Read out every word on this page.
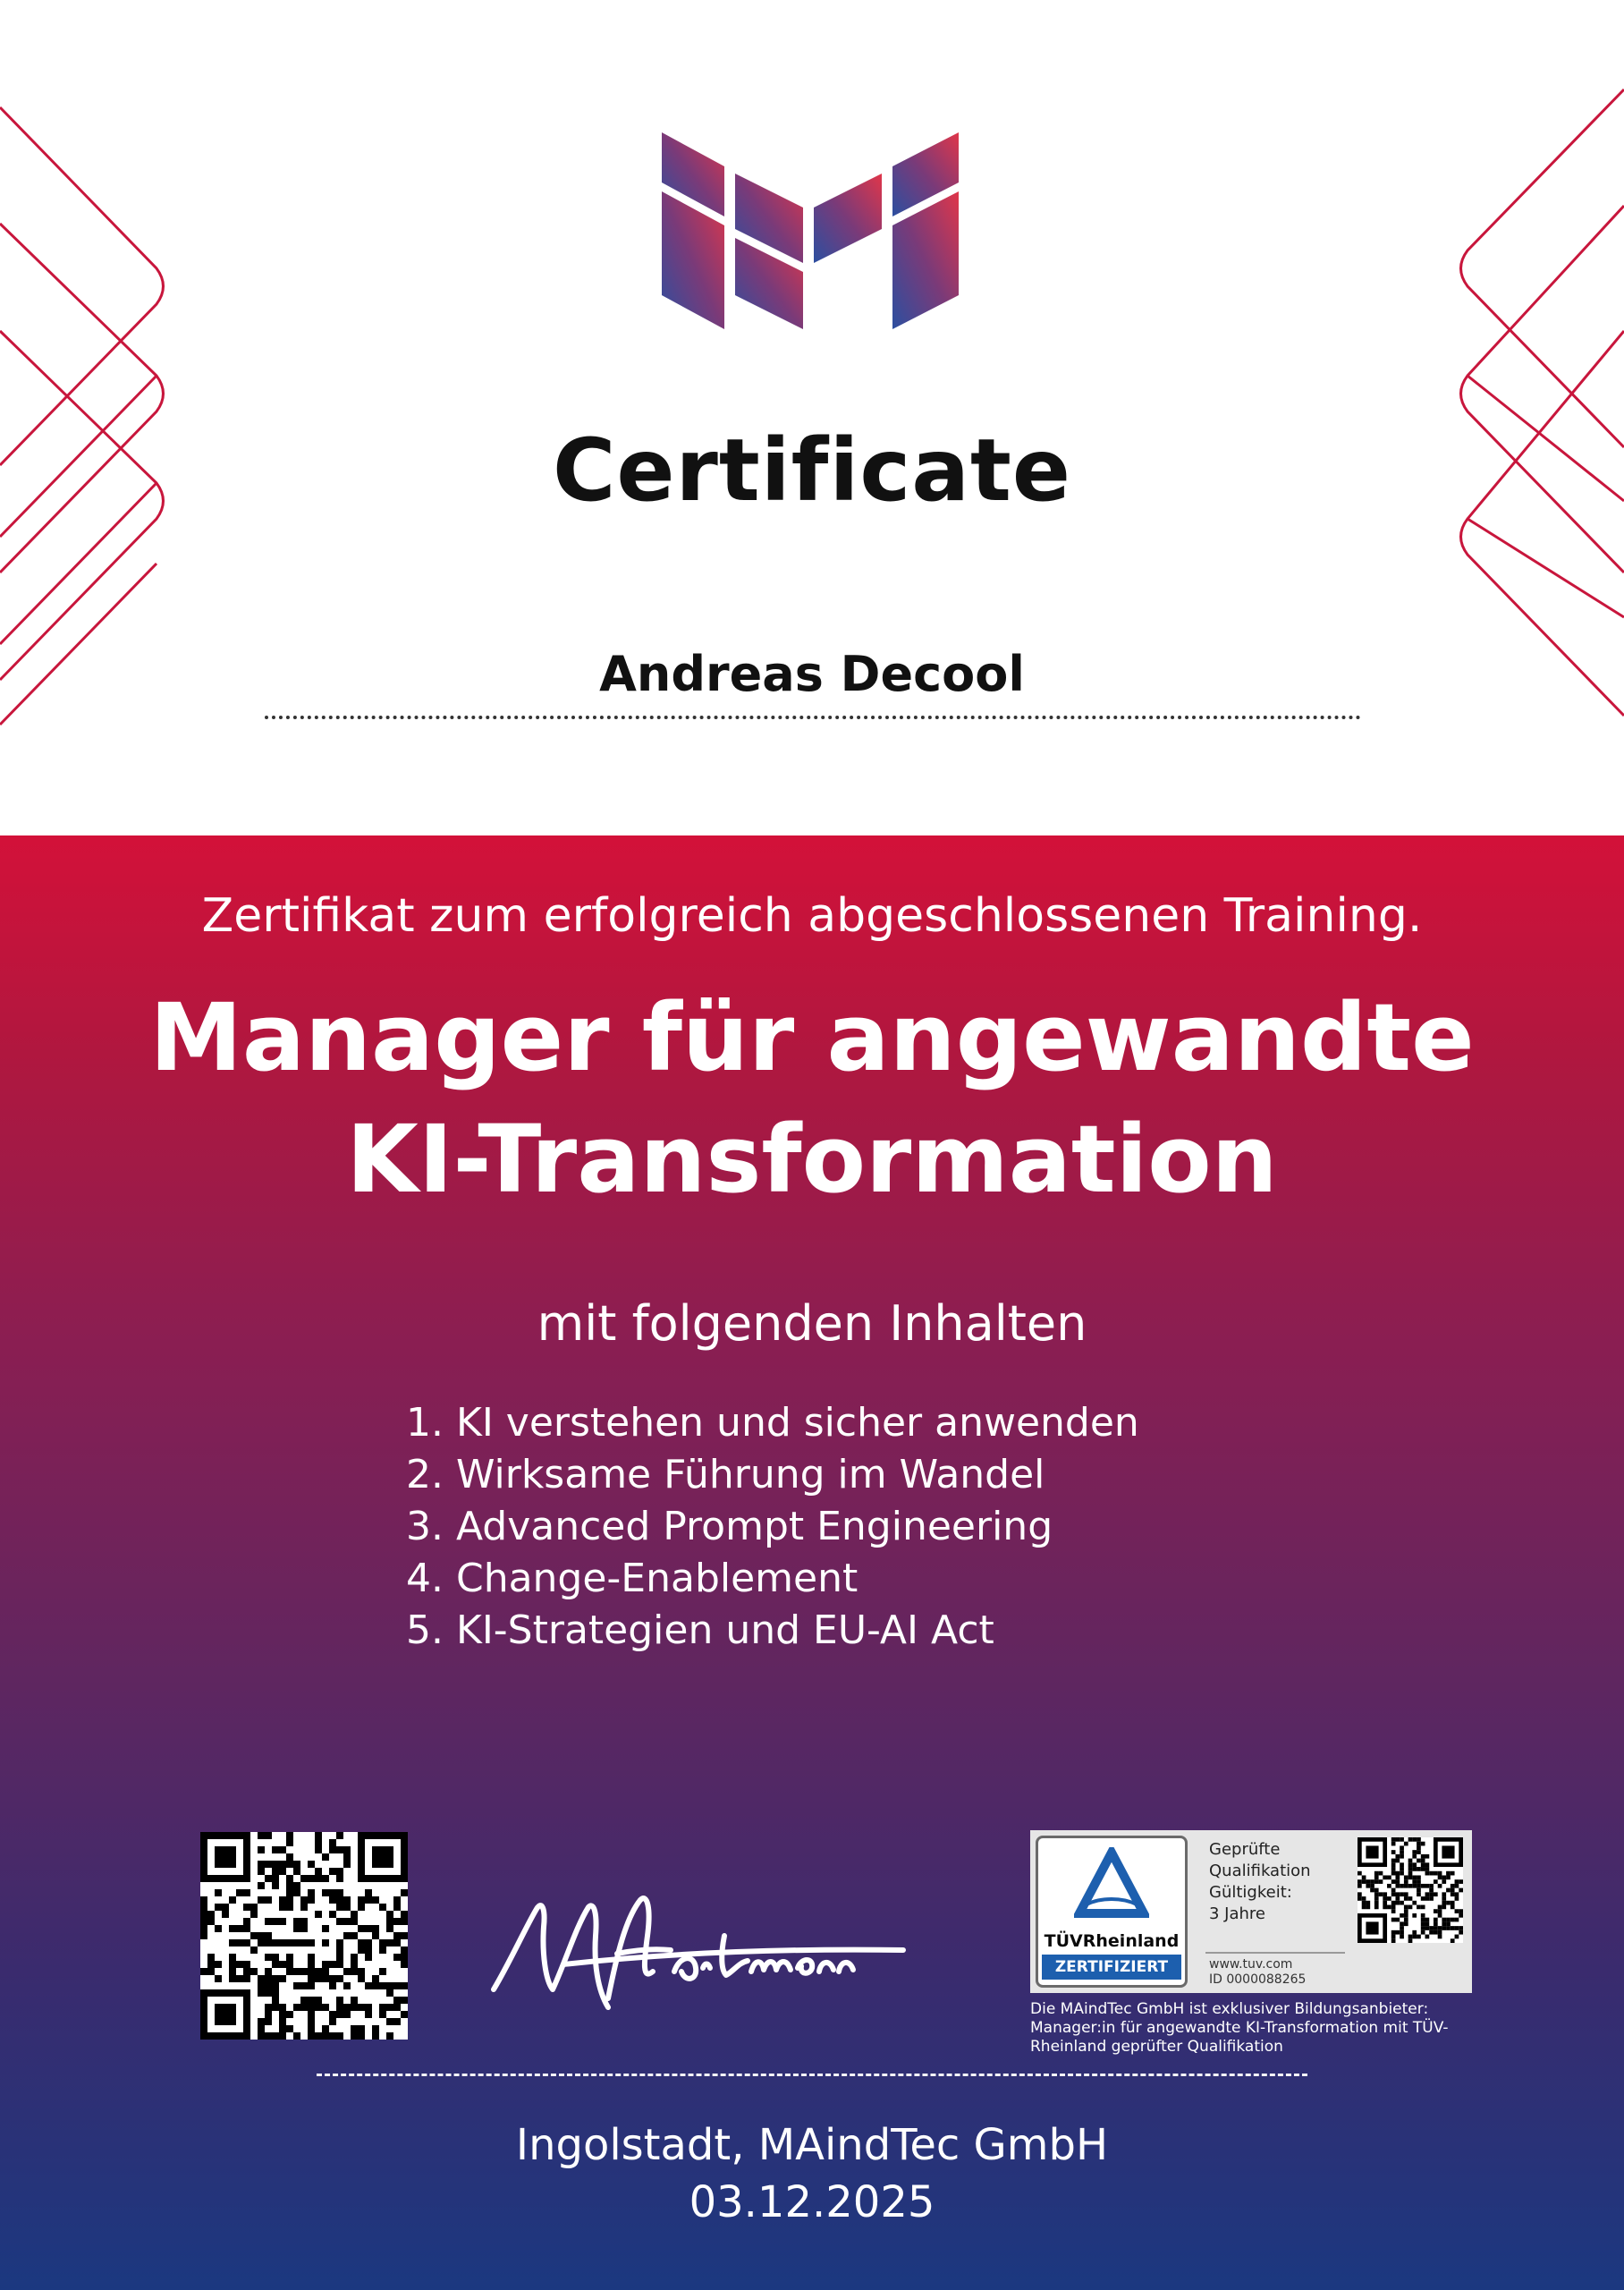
Certificate
Andreas Decool
Zertifikat zum erfolgreich abgeschlossenen Training.
Manager für angewandte
KI-Transformation
mit folgenden Inhalten
1. KI verstehen und sicher anwenden
2. Wirksame Führung im Wandel
3. Advanced Prompt Engineering
4. Change-Enablement
5. KI-Strategien und EU-AI Act
TÜVRheinland
ZERTIFIZIERT
Geprüfte
Qualifikation
Gültigkeit:
3 Jahre
www.tuv.com
ID 0000088265
Die MAindTec GmbH ist exklusiver Bildungsanbieter: Manager:in für angewandte KI-Transformation mit TÜV-Rheinland geprüfter Qualifikation
Ingolstadt, MAindTec GmbH
03.12.2025
